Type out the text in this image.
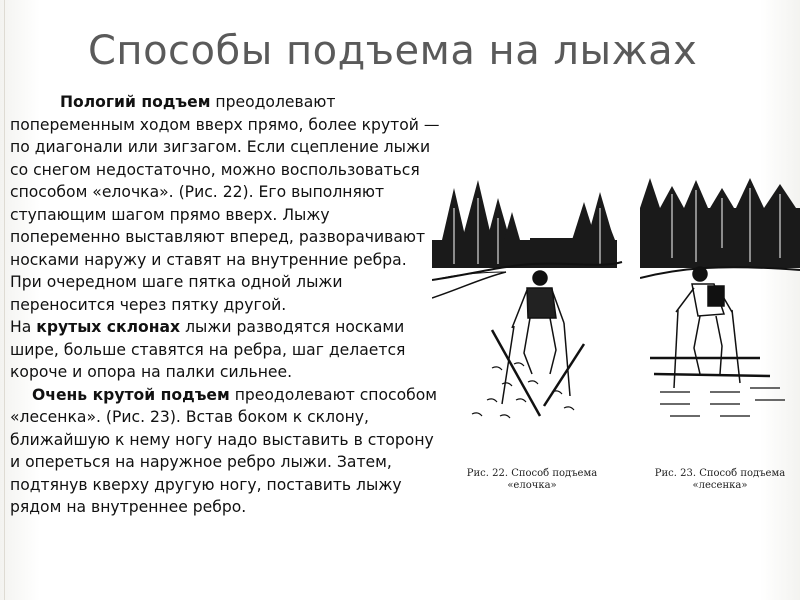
Способы подъема на лыжах

Пологий подъем преодолевают попеременным ходом вверх прямо, более крутой — по диагонали или зигзагом. Если сцепление лыжи со снегом недостаточно, можно воспользоваться способом «елочка». (Рис. 22). Его выполняют ступающим шагом прямо вверх. Лыжу попеременно выставляют вперед, разворачивают носками наружу и ставят на внутренние ребра. При очередном шаге пятка одной лыжи переносится через пятку другой.

На крутых склонах лыжи разводятся носками шире, больше ставятся на ребра, шаг делается короче и опора на палки сильнее.

Очень крутой подъем преодолевают способом «лесенка». (Рис. 23). Встав боком к склону, ближайшую к нему ногу надо выставить в сторону и опереться на наружное ребро лыжи. Затем, подтянув кверху другую ногу, поставить лыжу рядом на внутреннее ребро.

Рис. 22. Способ подъема
«елочка»
Рис. 23. Способ подъема
«лесенка»
